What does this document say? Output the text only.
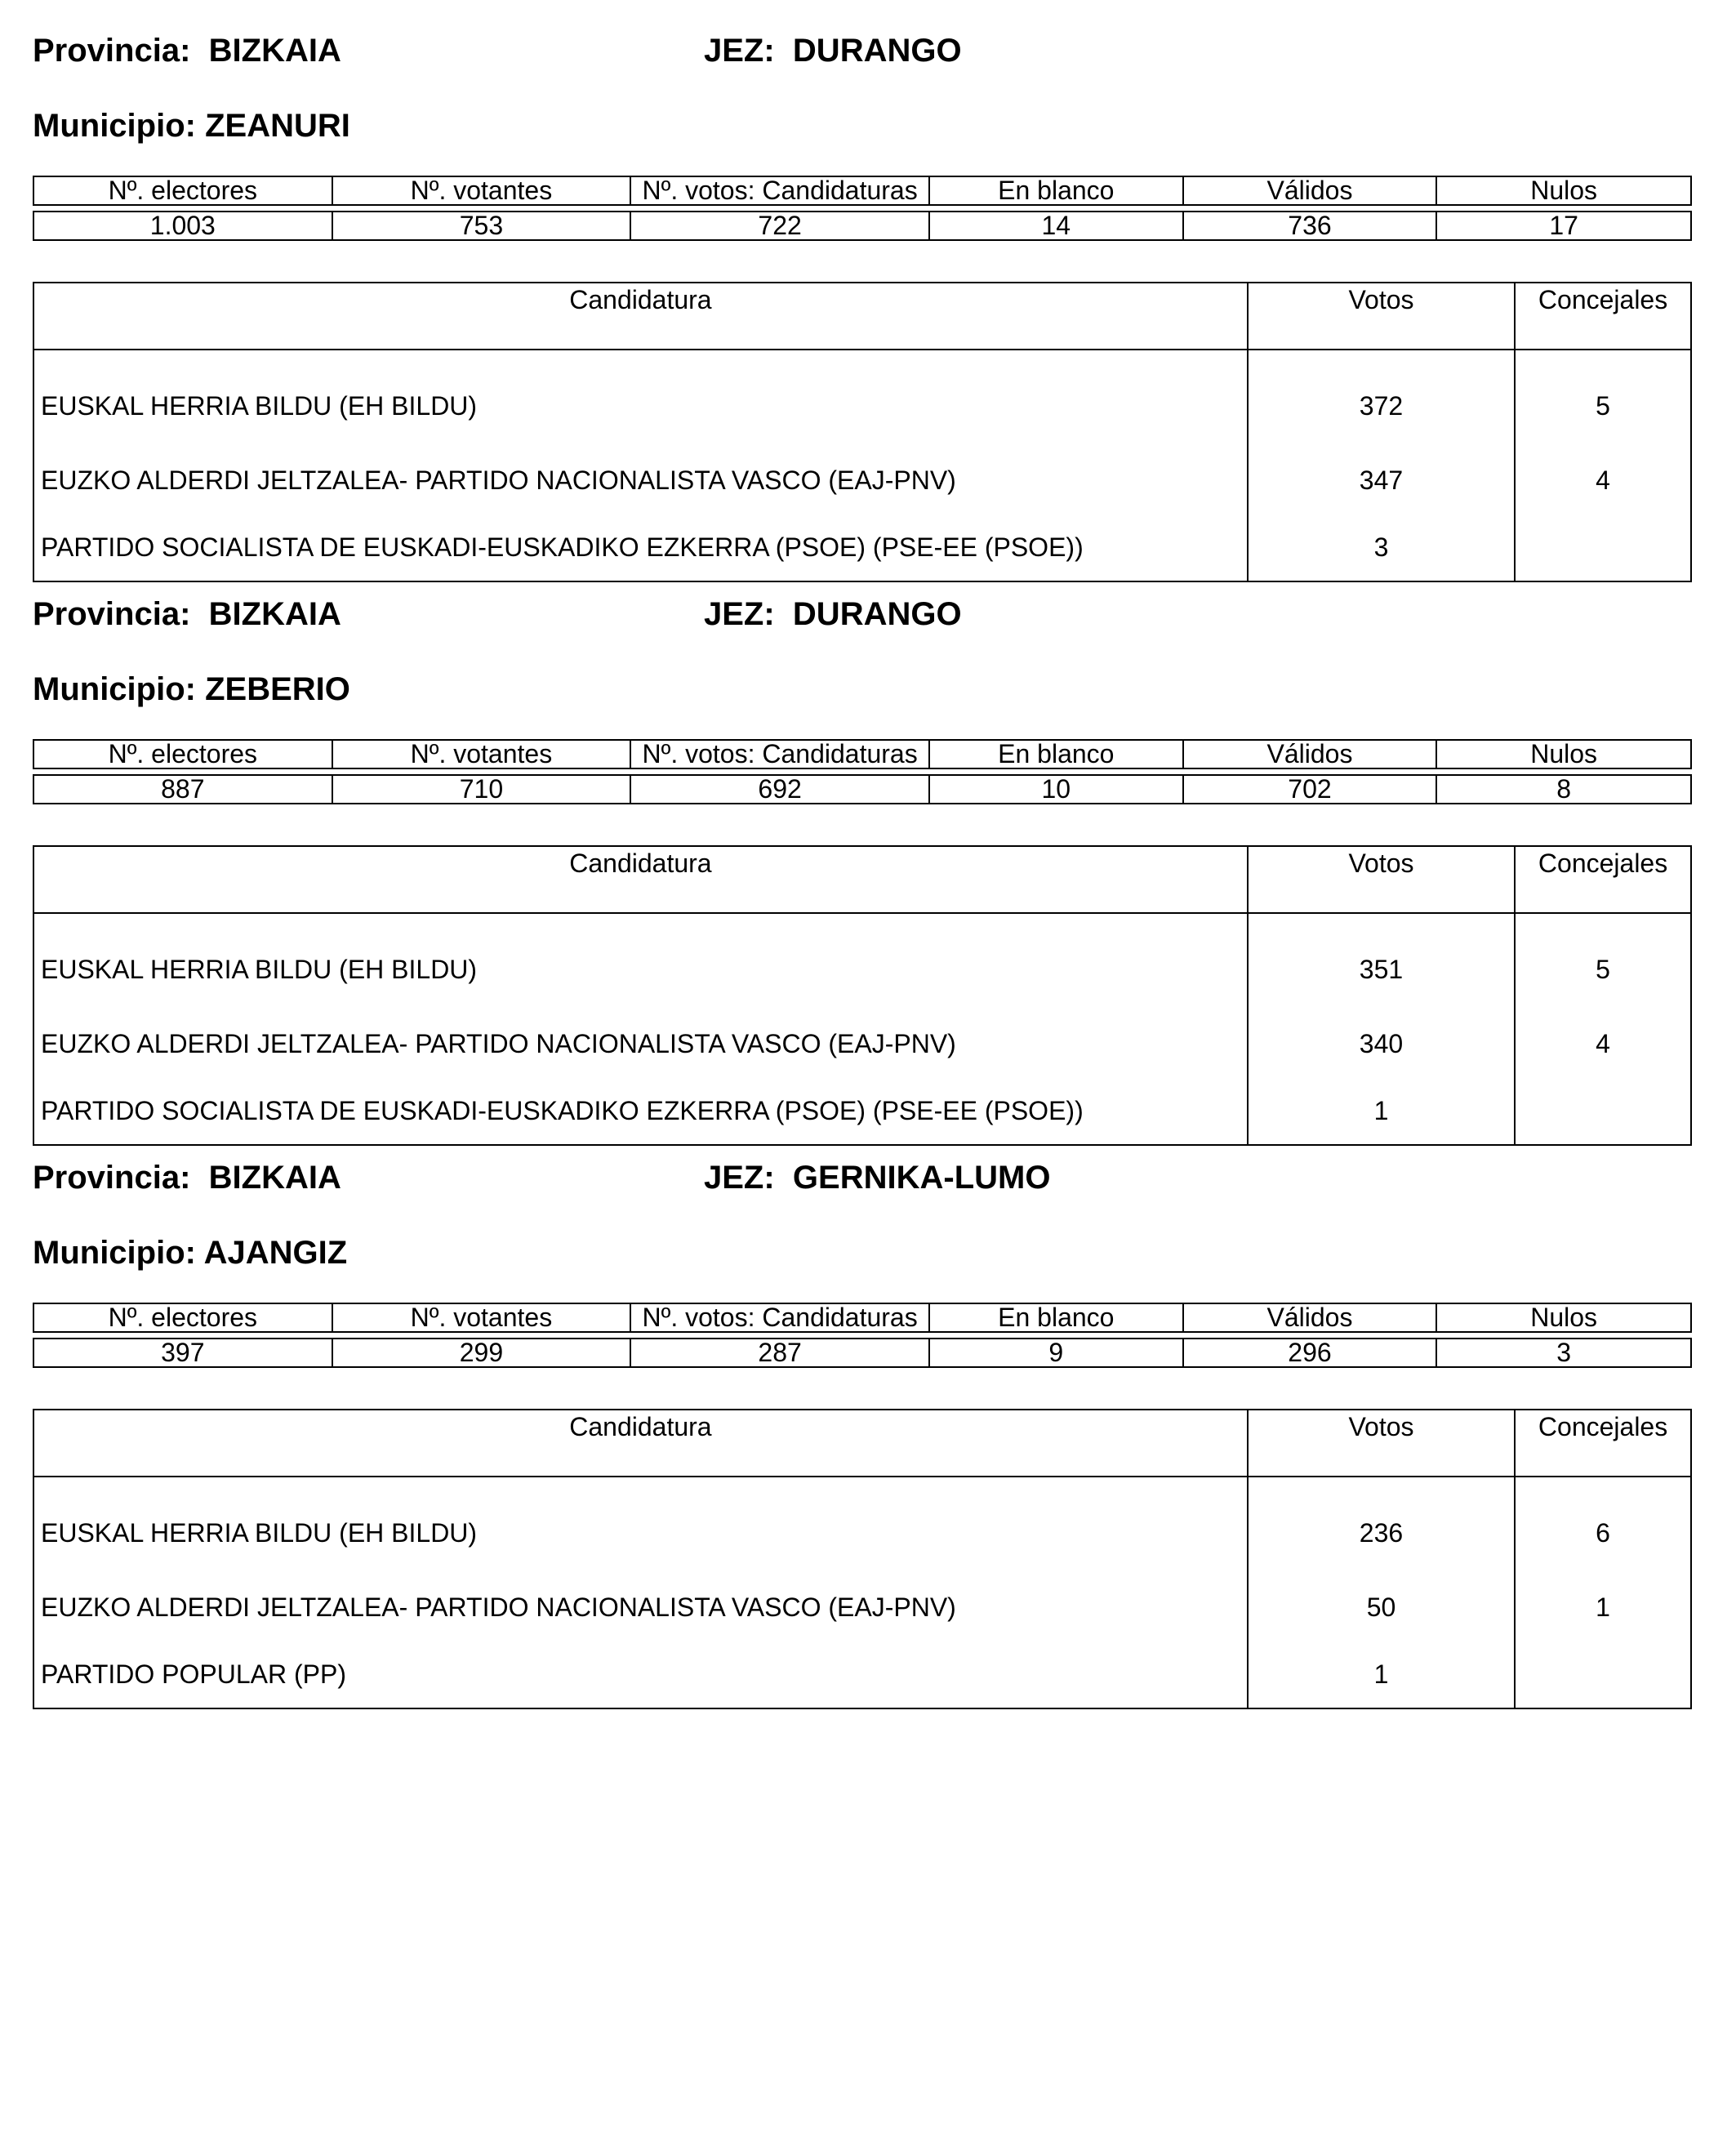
Provincia: BIZKAIA	JEZ: DURANGO
Municipio: ZEANURI
Nº. electores	Nº. votantes	Nº. votos: Candidaturas	En blanco	Válidos	Nulos

1.003	753	722	14	736	17
Candidatura	Votos	Concejales
EUSKAL HERRIA BILDU (EH BILDU)	372	5
EUZKO ALDERDI JELTZALEA- PARTIDO NACIONALISTA VASCO (EAJ-PNV)	347	4
PARTIDO SOCIALISTA DE EUSKADI-EUSKADIKO EZKERRA (PSOE) (PSE-EE (PSOE))	3	
Provincia: BIZKAIA	JEZ: DURANGO
Municipio: ZEBERIO
Nº. electores	Nº. votantes	Nº. votos: Candidaturas	En blanco	Válidos	Nulos

887	710	692	10	702	8
Candidatura	Votos	Concejales
EUSKAL HERRIA BILDU (EH BILDU)	351	5
EUZKO ALDERDI JELTZALEA- PARTIDO NACIONALISTA VASCO (EAJ-PNV)	340	4
PARTIDO SOCIALISTA DE EUSKADI-EUSKADIKO EZKERRA (PSOE) (PSE-EE (PSOE))	1	
Provincia: BIZKAIA	JEZ: GERNIKA-LUMO
Municipio: AJANGIZ
Nº. electores	Nº. votantes	Nº. votos: Candidaturas	En blanco	Válidos	Nulos

397	299	287	9	296	3
Candidatura	Votos	Concejales
EUSKAL HERRIA BILDU (EH BILDU)	236	6
EUZKO ALDERDI JELTZALEA- PARTIDO NACIONALISTA VASCO (EAJ-PNV)	50	1
PARTIDO POPULAR (PP)	1	
